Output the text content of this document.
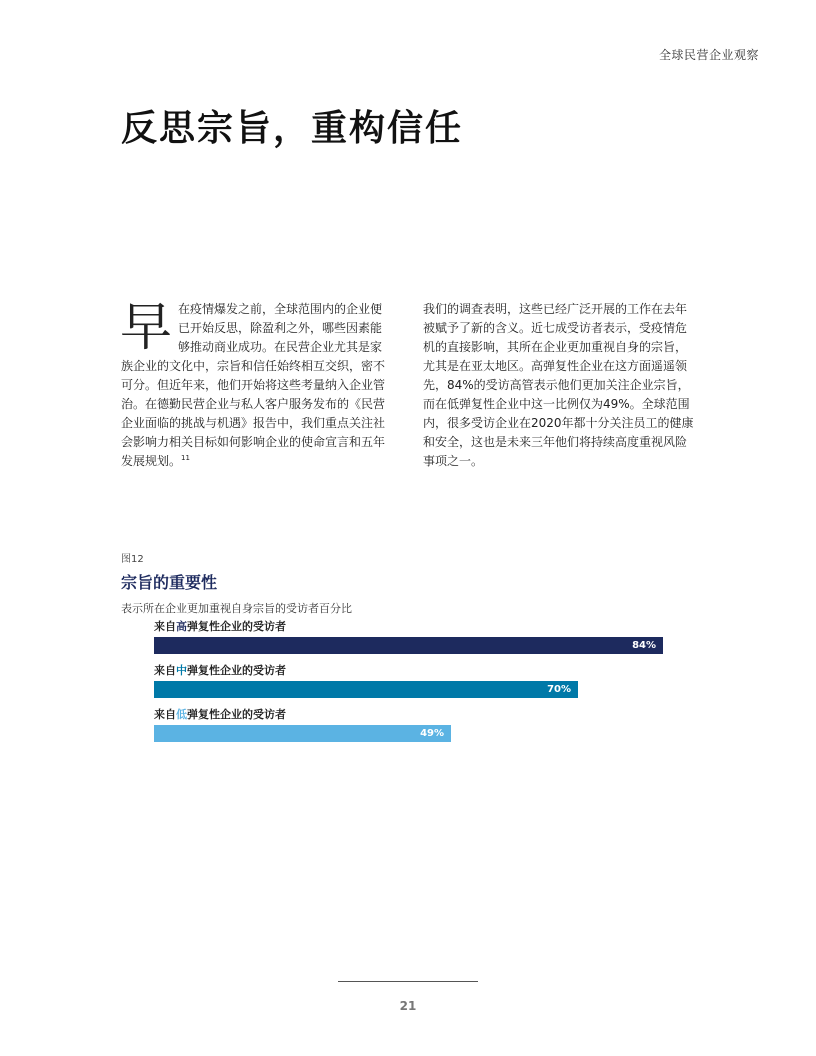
全球民营企业观察
反思宗旨，重构信任
早 在疫情爆发之前，全球范围内的企业便已开始反思，除盈利之外，哪些因素能够推动商业成功。在民营企业尤其是家族企业的文化中，宗旨和信任始终相互交织，密不可分。但近年来，他们开始将这些考量纳入企业管治。在德勤民营企业与私人客户服务发布的《民营企业面临的挑战与机遇》报告中，我们重点关注社会影响力相关目标如何影响企业的使命宣言和五年发展规划。$^{11}$

我们的调查表明，这些已经广泛开展的工作在去年被赋予了新的含义。近七成受访者表示，受疫情危机的直接影响，其所在企业更加重视自身的宗旨，尤其是在亚太地区。高弹复性企业在这方面遥遥领先，84%的受访高管表示他们更加关注企业宗旨，而在低弹复性企业中这一比例仅为49%。全球范围内，很多受访企业在2020年都十分关注员工的健康和安全，这也是未来三年他们将持续高度重视风险事项之一。

图12
宗旨的重要性
表示所在企业更加重视自身宗旨的受访者百分比
来自高弹复性企业的受访者
84%
来自中弹复性企业的受访者
70%
来自低弹复性企业的受访者
49%
21
